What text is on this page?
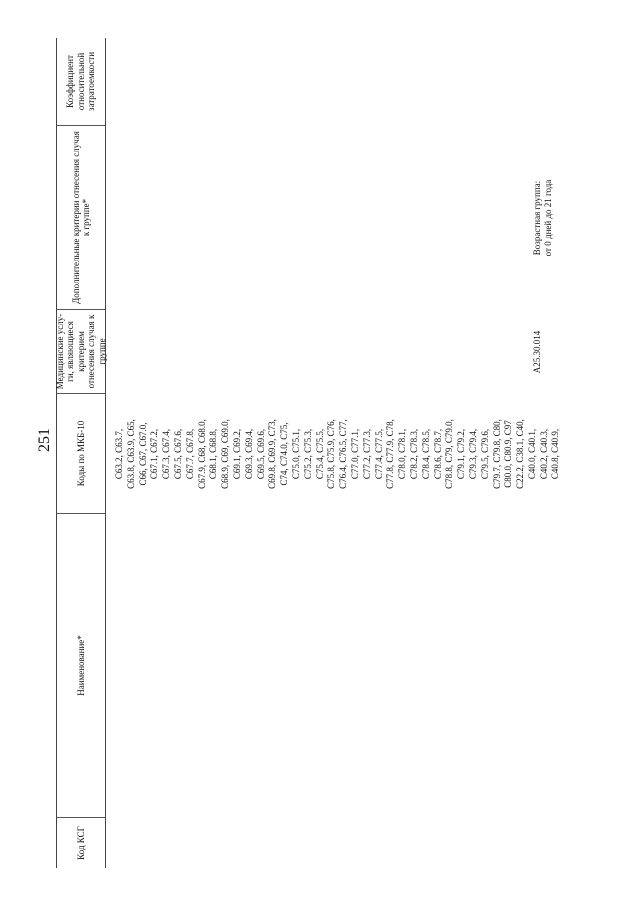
251
Код КСГ
Наименование*
Коды по МКБ-10
Медицинские услуги, являющиеся критерием отнесения случая к группе
Дополнительные критерии отнесения случая к группе*
Коэффициент относительной затратоемкости
C63.2, C63.7, C63.8, C63.9, C65, C66, C67, C67.0, C67.1, C67.2, C67.3, C67.4, C67.5, C67.6, C67.7, C67.8, C67.9, C68, C68.0, C68.1, C68.8, C68.9, C69, C69.0, C69.1, C69.2, C69.3, C69.4, C69.5, C69.6, C69.8, C69.9, C73, C74, C74.0, C75, C75.0, C75.1, C75.2, C75.3, C75.4, C75.5, C75.8, C75.9, C76, C76.4, C76.5, C77, C77.0, C77.1, C77.2, C77.3, C77.4, C77.5, C77.8, C77.9, C78, C78.0, C78.1, C78.2, C78.3, C78.4, C78.5, C78.6, C78.7, C78.8, C79, C79.0, C79.1, C79.2, C79.3, C79.4, C79.5, C79.6, C79.7, C79.8, C80, C80.0, C80.9, C97 C22.2, C38.1, C40, C40.0, C40.1, C40.2, C40.3, C40.8, C40.9,
A25.30.014
Возрастная группа: от 0 дней до 21 года
